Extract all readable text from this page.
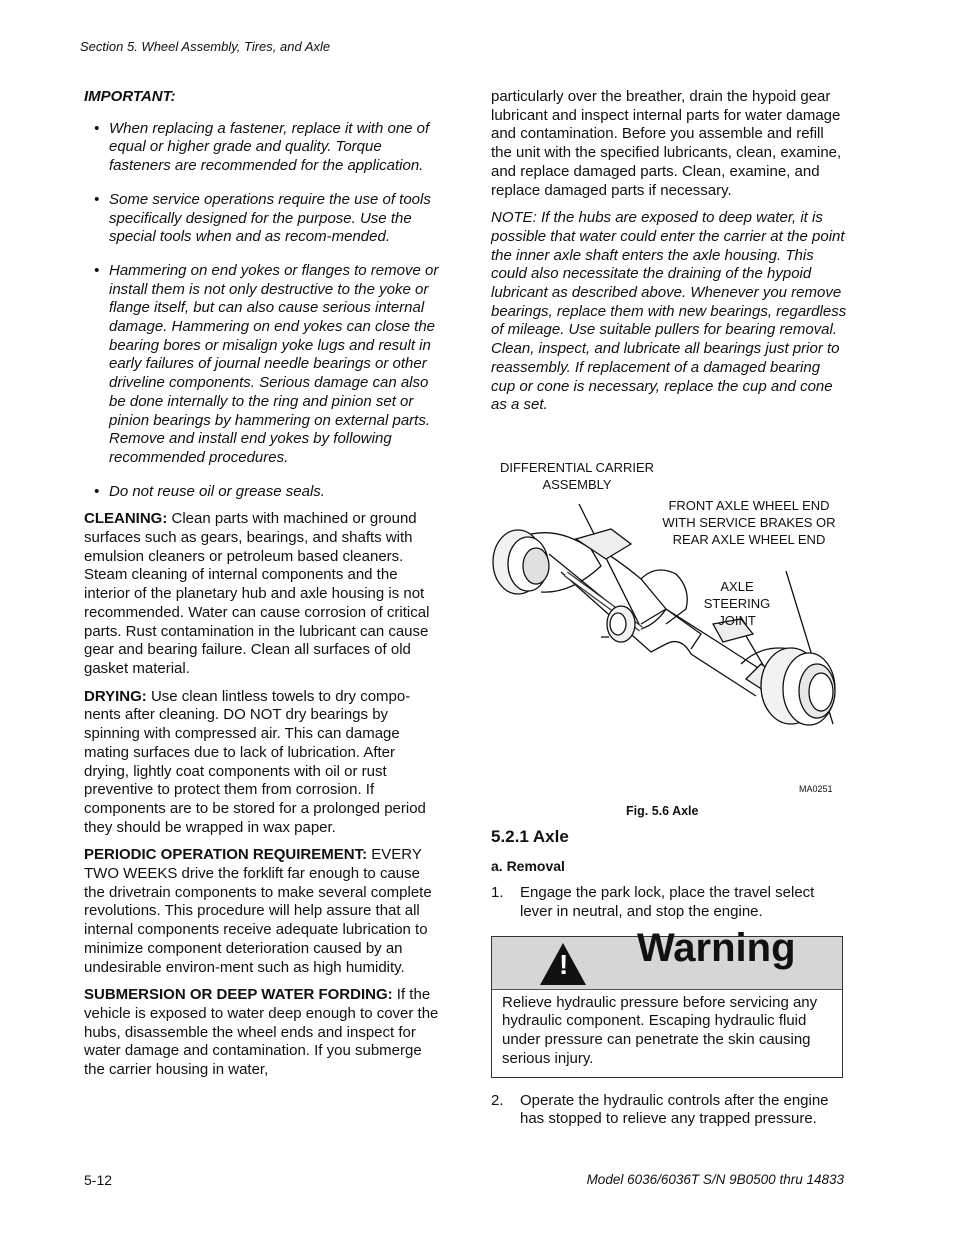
Section 5. Wheel Assembly, Tires, and Axle
IMPORTANT:
• When replacing a fastener, replace it with one of equal or higher grade and quality. Torque fasteners are recommended for the application.
• Some service operations require the use of tools specifically designed for the purpose. Use the special tools when and as recom-mended.
• Hammering on end yokes or flanges to remove or install them is not only destructive to the yoke or flange itself, but can also cause serious internal damage. Hammering on end yokes can close the bearing bores or misalign yoke lugs and result in early failures of journal needle bearings or other driveline components. Serious damage can also be done internally to the ring and pinion set or pinion bearings by hammering on external parts. Remove and install end yokes by following recommended procedures.
• Do not reuse oil or grease seals.

CLEANING: Clean parts with machined or ground surfaces such as gears, bearings, and shafts with emulsion cleaners or petroleum based cleaners. Steam cleaning of internal components and the interior of the planetary hub and axle housing is not recommended. Water can cause corrosion of critical parts. Rust contamination in the lubricant can cause gear and bearing failure. Clean all surfaces of old gasket material.

DRYING: Use clean lintless towels to dry compo-nents after cleaning. DO NOT dry bearings by spinning with compressed air. This can damage mating surfaces due to lack of lubrication. After drying, lightly coat components with oil or rust preventive to protect them from corrosion. If components are to be stored for a prolonged period they should be wrapped in wax paper.

PERIODIC OPERATION REQUIREMENT: EVERY TWO WEEKS drive the forklift far enough to cause the drivetrain components to make several complete revolutions. This procedure will help assure that all internal components receive adequate lubrication to minimize component deterioration caused by an undesirable environ-ment such as high humidity.

SUBMERSION OR DEEP WATER FORDING: If the vehicle is exposed to water deep enough to cover the hubs, disassemble the wheel ends and inspect for water damage and contamination. If you submerge the carrier housing in water,

particularly over the breather, drain the hypoid gear lubricant and inspect internal parts for water damage and contamination. Before you assemble and refill the unit with the specified lubricants, clean, examine, and replace damaged parts. Clean, examine, and replace damaged parts if necessary.

NOTE: If the hubs are exposed to deep water, it is possible that water could enter the carrier at the point the inner axle shaft enters the axle housing. This could also necessitate the draining of the hypoid lubricant as described above. Whenever you remove bearings, replace them with new bearings, regardless of mileage. Use suitable pullers for bearing removal. Clean, inspect, and lubricate all bearings just prior to reassembly. If replacement of a damaged bearing cup or cone is necessary, replace the cup and cone as a set.

DIFFERENTIAL CARRIER
ASSEMBLY
FRONT AXLE WHEEL END
WITH SERVICE BRAKES OR
REAR AXLE WHEEL END
AXLE
STEERING
JOINT
MA0251
Fig. 5.6 Axle
5.2.1 Axle
a. Removal
1. Engage the park lock, place the travel select lever in neutral, and stop the engine.
! Warning
Relieve hydraulic pressure before servicing any hydraulic component. Escaping hydraulic fluid under pressure can penetrate the skin causing serious injury.
2. Operate the hydraulic controls after the engine has stopped to relieve any trapped pressure.
5-12	Model 6036/6036T S/N 9B0500 thru 14833
